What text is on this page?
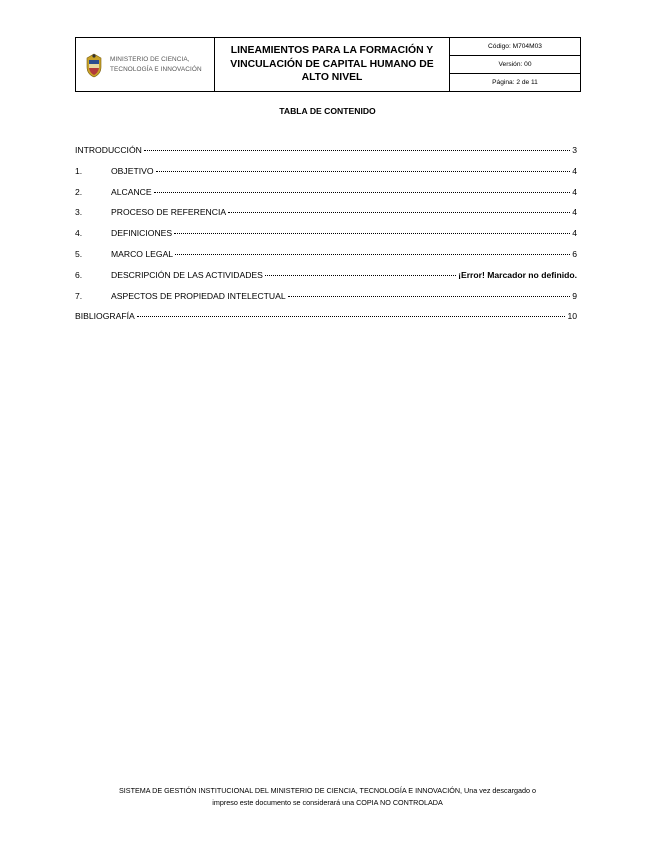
MINISTERIO DE CIENCIA,
TECNOLOGÍA E INNOVACIÓN
LINEAMIENTOS PARA LA FORMACIÓN Y VINCULACIÓN DE CAPITAL HUMANO DE ALTO NIVEL
Código: M704M03
Versión: 00
Página: 2 de 11
TABLA DE CONTENIDO
INTRODUCCIÓN	3
1.	OBJETIVO	4
2.	ALCANCE	4
3.	PROCESO DE REFERENCIA	4
4.	DEFINICIONES	4
5.	MARCO LEGAL	6
6.	DESCRIPCIÓN DE LAS ACTIVIDADES	¡Error! Marcador no definido.
7.	ASPECTOS DE PROPIEDAD INTELECTUAL	9
BIBLIOGRAFÍA	10
SISTEMA DE GESTIÓN INSTITUCIONAL DEL MINISTERIO DE CIENCIA, TECNOLOGÍA E INNOVACIÓN, Una vez descargado o
impreso este documento se considerará una COPIA NO CONTROLADA
